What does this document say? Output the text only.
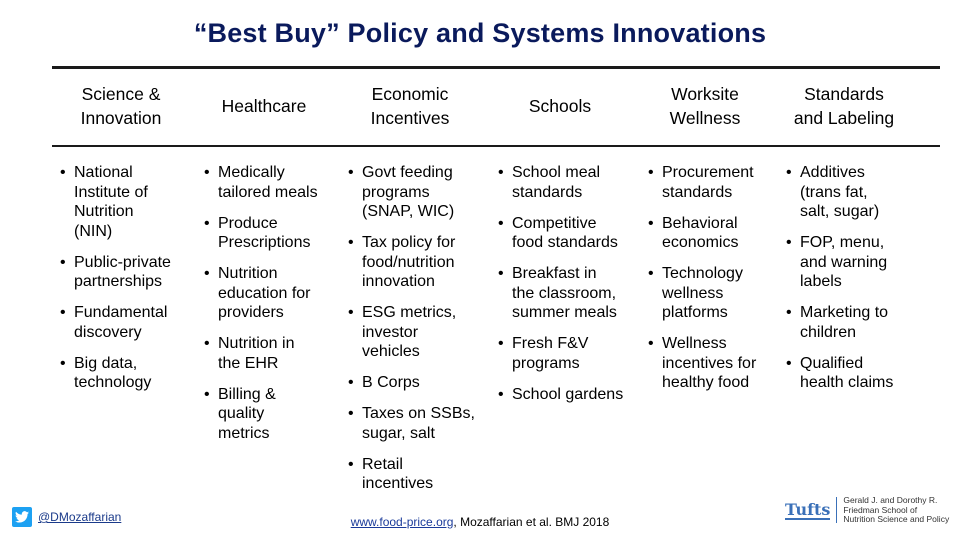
“Best Buy” Policy and Systems Innovations
Science &
Innovation
• National
Institute of
Nutrition
(NIN)
• Public-private
partnerships
• Fundamental
discovery
• Big data,
technology
Healthcare
• Medically
tailored meals
• Produce
Prescriptions
• Nutrition
education for
providers
• Nutrition in
the EHR
• Billing &
quality
metrics
Economic
Incentives
• Govt feeding
programs
(SNAP, WIC)
• Tax policy for
food/nutrition
innovation
• ESG metrics,
investor
vehicles
• B Corps
• Taxes on SSBs,
sugar, salt
• Retail
incentives
Schools
• School meal
standards
• Competitive
food standards
• Breakfast in
the classroom,
summer meals
• Fresh F&V
programs
• School gardens
Worksite
Wellness
• Procurement
standards
• Behavioral
economics
• Technology
wellness
platforms
• Wellness
incentives for
healthy food
Standards
and Labeling
• Additives
(trans fat,
salt, sugar)
• FOP, menu,
and warning
labels
• Marketing to
children
• Qualified
health claims
@DMozaffarian	www.food-price.org, Mozaffarian et al. BMJ 2018
Tufts Gerald J. and Dorothy R.
Friedman School of
Nutrition Science and Policy
